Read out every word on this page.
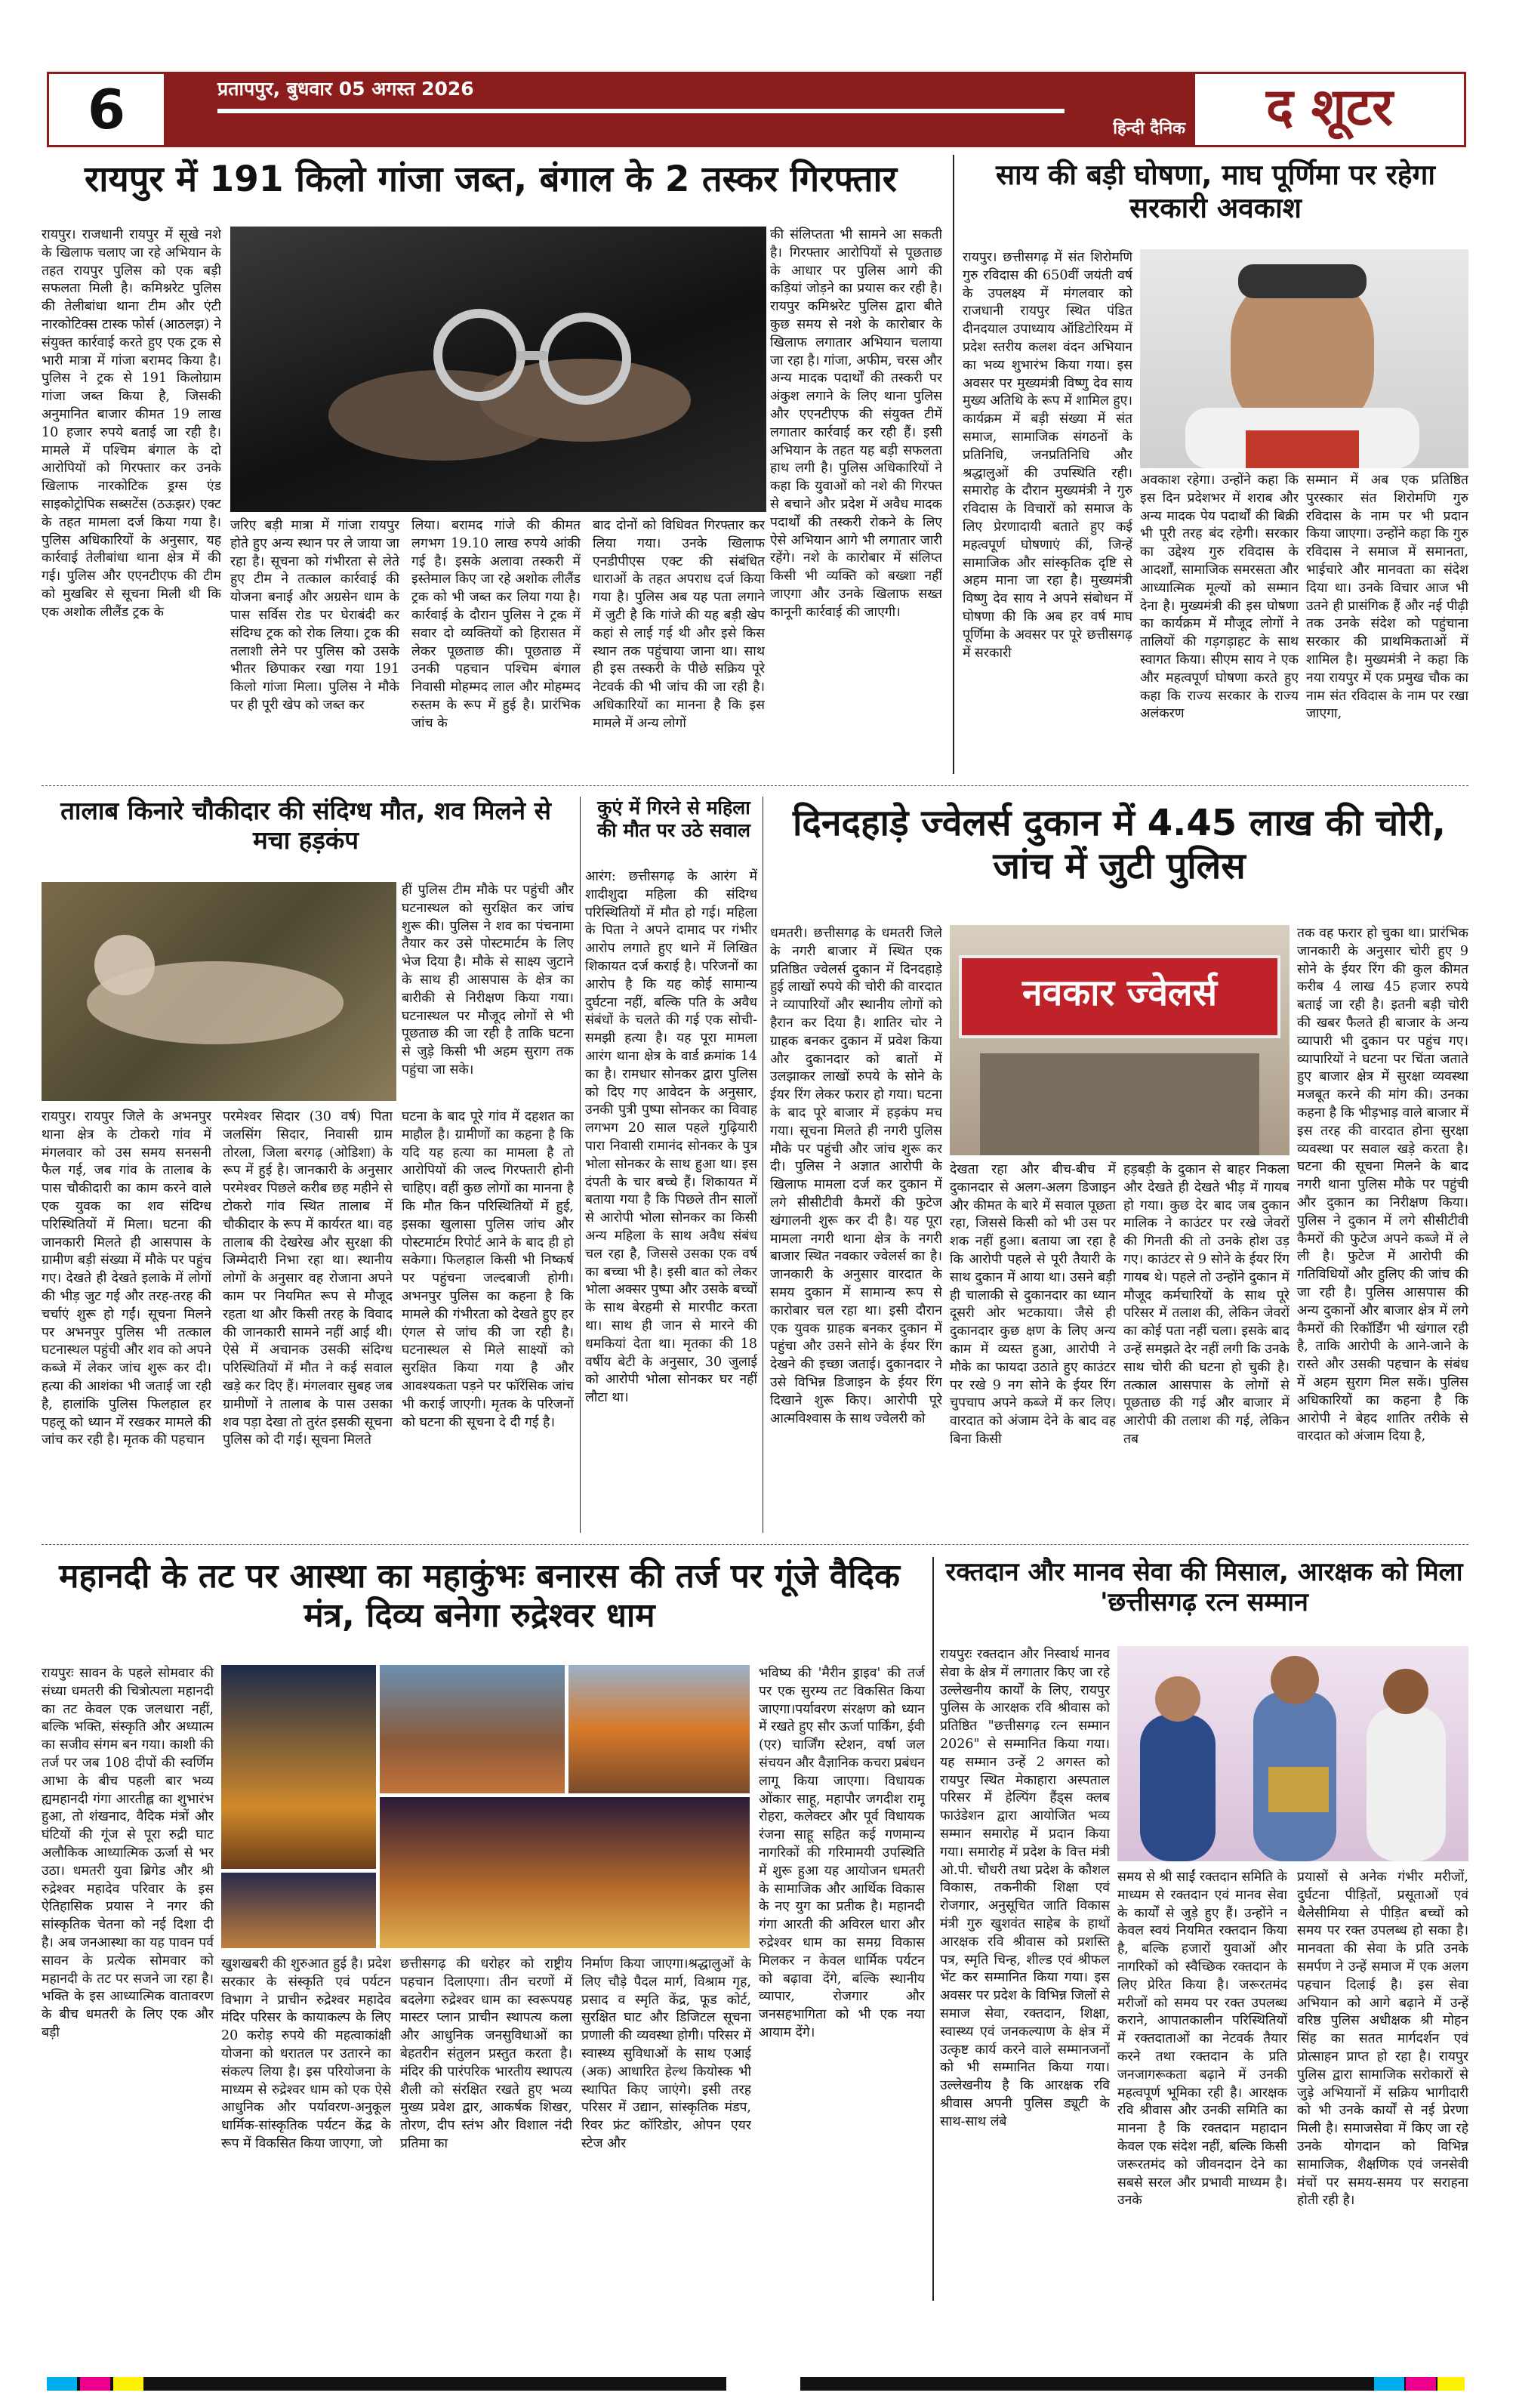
6	प्रतापपुर, बुधवार 05 अगस्त 2026
हिन्दी दैनिक	द शूटर
रायपुर में 191 किलो गांजा जब्त, बंगाल के 2 तस्कर गिरफ्तार
रायपुर। राजधानी रायपुर में सूखे नशे के खिलाफ चलाए जा रहे अभियान के तहत रायपुर पुलिस को एक बड़ी सफलता मिली है। कमिश्नरेट पुलिस की तेलीबांधा थाना टीम और एंटी नारकोटिक्स टास्क फोर्स (आठलझ) ने संयुक्त कार्रवाई करते हुए एक ट्रक से भारी मात्रा में गांजा बरामद किया है। पुलिस ने ट्रक से 191 किलोग्राम गांजा जब्त किया है, जिसकी अनुमानित बाजार कीमत 19 लाख 10 हजार रुपये बताई जा रही है। मामले में पश्चिम बंगाल के दो आरोपियों को गिरफ्तार कर उनके खिलाफ नारकोटिक ड्रग्स एंड साइकोट्रोपिक सब्सटेंस (ठऊझर) एक्ट के तहत मामला दर्ज किया गया है। पुलिस अधिकारियों के अनुसार, यह कार्रवाई तेलीबांधा थाना क्षेत्र में की गई। पुलिस और एएनटीएफ की टीम को मुखबिर से सूचना मिली थी कि एक अशोक लीलैंड ट्रक के
जरिए बड़ी मात्रा में गांजा रायपुर होते हुए अन्य स्थान पर ले जाया जा रहा है। सूचना को गंभीरता से लेते हुए टीम ने तत्काल कार्रवाई की योजना बनाई और अग्रसेन धाम के पास सर्विस रोड पर घेराबंदी कर संदिग्ध ट्रक को रोक लिया। ट्रक की तलाशी लेने पर पुलिस को उसके भीतर छिपाकर रखा गया 191 किलो गांजा मिला। पुलिस ने मौके पर ही पूरी खेप को जब्त कर
लिया। बरामद गांजे की कीमत लगभग 19.10 लाख रुपये आंकी गई है। इसके अलावा तस्करी में इस्तेमाल किए जा रहे अशोक लीलैंड ट्रक को भी जब्त कर लिया गया है। कार्रवाई के दौरान पुलिस ने ट्रक में सवार दो व्यक्तियों को हिरासत में लेकर पूछताछ की। पूछताछ में उनकी पहचान पश्चिम बंगाल निवासी मोहम्मद लाल और मोहम्मद रुस्तम के रूप में हुई है। प्रारंभिक जांच के
बाद दोनों को विधिवत गिरफ्तार कर लिया गया। उनके खिलाफ एनडीपीएस एक्ट की संबंधित धाराओं के तहत अपराध दर्ज किया गया है। पुलिस अब यह पता लगाने में जुटी है कि गांजे की यह बड़ी खेप कहां से लाई गई थी और इसे किस स्थान तक पहुंचाया जाना था। साथ ही इस तस्करी के पीछे सक्रिय पूरे नेटवर्क की भी जांच की जा रही है। अधिकारियों का मानना है कि इस मामले में अन्य लोगों
की संलिप्तता भी सामने आ सकती है। गिरफ्तार आरोपियों से पूछताछ के आधार पर पुलिस आगे की कड़ियां जोड़ने का प्रयास कर रही है। रायपुर कमिश्नरेट पुलिस द्वारा बीते कुछ समय से नशे के कारोबार के खिलाफ लगातार अभियान चलाया जा रहा है। गांजा, अफीम, चरस और अन्य मादक पदार्थों की तस्करी पर अंकुश लगाने के लिए थाना पुलिस और एएनटीएफ की संयुक्त टीमें लगातार कार्रवाई कर रही हैं। इसी अभियान के तहत यह बड़ी सफलता हाथ लगी है। पुलिस अधिकारियों ने कहा कि युवाओं को नशे की गिरफ्त से बचाने और प्रदेश में अवैध मादक पदार्थों की तस्करी रोकने के लिए ऐसे अभियान आगे भी लगातार जारी रहेंगे। नशे के कारोबार में संलिप्त किसी भी व्यक्ति को बख्शा नहीं जाएगा और उनके खिलाफ सख्त कानूनी कार्रवाई की जाएगी।
साय की बड़ी घोषणा, माघ पूर्णिमा पर रहेगा सरकारी अवकाश
रायपुर। छत्तीसगढ़ में संत शिरोमणि गुरु रविदास की 650वीं जयंती वर्ष के उपलक्ष्य में मंगलवार को राजधानी रायपुर स्थित पंडित दीनदयाल उपाध्याय ऑडिटोरियम में प्रदेश स्तरीय कलश वंदन अभियान का भव्य शुभारंभ किया गया। इस अवसर पर मुख्यमंत्री विष्णु देव साय मुख्य अतिथि के रूप में शामिल हुए। कार्यक्रम में बड़ी संख्या में संत समाज, सामाजिक संगठनों के प्रतिनिधि, जनप्रतिनिधि और श्रद्धालुओं की उपस्थिति रही। समारोह के दौरान मुख्यमंत्री ने गुरु रविदास के विचारों को समाज के लिए प्रेरणादायी बताते हुए कई महत्वपूर्ण घोषणाएं कीं, जिन्हें सामाजिक और सांस्कृतिक दृष्टि से अहम माना जा रहा है। मुख्यमंत्री विष्णु देव साय ने अपने संबोधन में घोषणा की कि अब हर वर्ष माघ पूर्णिमा के अवसर पर पूरे छत्तीसगढ़ में सरकारी
अवकाश रहेगा। उन्होंने कहा कि इस दिन प्रदेशभर में शराब और अन्य मादक पेय पदार्थों की बिक्री भी पूरी तरह बंद रहेगी। सरकार का उद्देश्य गुरु रविदास के आदर्शों, सामाजिक समरसता और आध्यात्मिक मूल्यों को सम्मान देना है। मुख्यमंत्री की इस घोषणा का कार्यक्रम में मौजूद लोगों ने तालियों की गड़गड़ाहट के साथ स्वागत किया। सीएम साय ने एक और महत्वपूर्ण घोषणा करते हुए कहा कि राज्य सरकार के राज्य अलंकरण
सम्मान में अब एक प्रतिष्ठित पुरस्कार संत शिरोमणि गुरु रविदास के नाम पर भी प्रदान किया जाएगा। उन्होंने कहा कि गुरु रविदास ने समाज में समानता, भाईचारे और मानवता का संदेश दिया था। उनके विचार आज भी उतने ही प्रासंगिक हैं और नई पीढ़ी तक उनके संदेश को पहुंचाना सरकार की प्राथमिकताओं में शामिल है। मुख्यमंत्री ने कहा कि नया रायपुर में एक प्रमुख चौक का नाम संत रविदास के नाम पर रखा जाएगा,
तालाब किनारे चौकीदार की संदिग्ध मौत, शव मिलने से मचा हड़कंप
हीं पुलिस टीम मौके पर पहुंची और घटनास्थल को सुरक्षित कर जांच शुरू की। पुलिस ने शव का पंचनामा तैयार कर उसे पोस्टमार्टम के लिए भेज दिया है। मौके से साक्ष्य जुटाने के साथ ही आसपास के क्षेत्र का बारीकी से निरीक्षण किया गया। घटनास्थल पर मौजूद लोगों से भी पूछताछ की जा रही है ताकि घटना से जुड़े किसी भी अहम सुराग तक पहुंचा जा सके।
रायपुर। रायपुर जिले के अभनपुर थाना क्षेत्र के टोकरो गांव में मंगलवार को उस समय सनसनी फैल गई, जब गांव के तालाब के पास चौकीदारी का काम करने वाले एक युवक का शव संदिग्ध परिस्थितियों में मिला। घटना की जानकारी मिलते ही आसपास के ग्रामीण बड़ी संख्या में मौके पर पहुंच गए। देखते ही देखते इलाके में लोगों की भीड़ जुट गई और तरह-तरह की चर्चाएं शुरू हो गईं। सूचना मिलने पर अभनपुर पुलिस भी तत्काल घटनास्थल पहुंची और शव को अपने कब्जे में लेकर जांच शुरू कर दी। हत्या की आशंका भी जताई जा रही है, हालांकि पुलिस फिलहाल हर पहलू को ध्यान में रखकर मामले की जांच कर रही है। मृतक की पहचान
परमेश्वर सिदार (30 वर्ष) पिता जलसिंग सिदार, निवासी ग्राम तोरला, जिला बरगढ़ (ओडिशा) के रूप में हुई है। जानकारी के अनुसार परमेश्वर पिछले करीब छह महीने से टोकरो गांव स्थित तालाब में चौकीदार के रूप में कार्यरत था। वह तालाब की देखरेख और सुरक्षा की जिम्मेदारी निभा रहा था। स्थानीय लोगों के अनुसार वह रोजाना अपने काम पर नियमित रूप से मौजूद रहता था और किसी तरह के विवाद की जानकारी सामने नहीं आई थी। ऐसे में अचानक उसकी संदिग्ध परिस्थितियों में मौत ने कई सवाल खड़े कर दिए हैं। मंगलवार सुबह जब ग्रामीणों ने तालाब के पास उसका शव पड़ा देखा तो तुरंत इसकी सूचना पुलिस को दी गई। सूचना मिलते
घटना के बाद पूरे गांव में दहशत का माहौल है। ग्रामीणों का कहना है कि यदि यह हत्या का मामला है तो आरोपियों की जल्द गिरफ्तारी होनी चाहिए। वहीं कुछ लोगों का मानना है कि मौत किन परिस्थितियों में हुई, इसका खुलासा पुलिस जांच और पोस्टमार्टम रिपोर्ट आने के बाद ही हो सकेगा। फिलहाल किसी भी निष्कर्ष पर पहुंचना जल्दबाजी होगी। अभनपुर पुलिस का कहना है कि मामले की गंभीरता को देखते हुए हर एंगल से जांच की जा रही है। घटनास्थल से मिले साक्ष्यों को सुरक्षित किया गया है और आवश्यकता पड़ने पर फॉरेंसिक जांच भी कराई जाएगी। मृतक के परिजनों को घटना की सूचना दे दी गई है।
कुएं में गिरने से महिला की मौत पर उठे सवाल
आरंग: छत्तीसगढ़ के आरंग में शादीशुदा महिला की संदिग्ध परिस्थितियों में मौत हो गई। महिला के पिता ने अपने दामाद पर गंभीर आरोप लगाते हुए थाने में लिखित शिकायत दर्ज कराई है। परिजनों का आरोप है कि यह कोई सामान्य दुर्घटना नहीं, बल्कि पति के अवैध संबंधों के चलते की गई एक सोची-समझी हत्या है। यह पूरा मामला आरंग थाना क्षेत्र के वार्ड क्रमांक 14 का है। रामधार सोनकर द्वारा पुलिस को दिए गए आवेदन के अनुसार, उनकी पुत्री पुष्पा सोनकर का विवाह लगभग 20 साल पहले गुढ़ियारी पारा निवासी रामानंद सोनकर के पुत्र भोला सोनकर के साथ हुआ था। इस दंपती के चार बच्चे हैं। शिकायत में बताया गया है कि पिछले तीन सालों से आरोपी भोला सोनकर का किसी अन्य महिला के साथ अवैध संबंध चल रहा है, जिससे उसका एक वर्ष का बच्चा भी है। इसी बात को लेकर भोला अक्सर पुष्पा और उसके बच्चों के साथ बेरहमी से मारपीट करता था। साथ ही जान से मारने की धमकियां देता था। मृतका की 18 वर्षीय बेटी के अनुसार, 30 जुलाई को आरोपी भोला सोनकर घर नहीं लौटा था।
दिनदहाड़े ज्वेलर्स दुकान में 4.45 लाख की चोरी, जांच में जुटी पुलिस
धमतरी। छत्तीसगढ़ के धमतरी जिले के नगरी बाजार में स्थित एक प्रतिष्ठित ज्वेलर्स दुकान में दिनदहाड़े हुई लाखों रुपये की चोरी की वारदात ने व्यापारियों और स्थानीय लोगों को हैरान कर दिया है। शातिर चोर ने ग्राहक बनकर दुकान में प्रवेश किया और दुकानदार को बातों में उलझाकर लाखों रुपये के सोने के ईयर रिंग लेकर फरार हो गया। घटना के बाद पूरे बाजार में हड़कंप मच गया। सूचना मिलते ही नगरी पुलिस मौके पर पहुंची और जांच शुरू कर दी। पुलिस ने अज्ञात आरोपी के खिलाफ मामला दर्ज कर दुकान में लगे सीसीटीवी कैमरों की फुटेज खंगालनी शुरू कर दी है। यह पूरा मामला नगरी थाना क्षेत्र के नगरी बाजार स्थित नवकार ज्वेलर्स का है। जानकारी के अनुसार वारदात के समय दुकान में सामान्य रूप से कारोबार चल रहा था। इसी दौरान एक युवक ग्राहक बनकर दुकान में पहुंचा और उसने सोने के ईयर रिंग देखने की इच्छा जताई। दुकानदार ने उसे विभिन्न डिजाइन के ईयर रिंग दिखाने शुरू किए। आरोपी पूरे आत्मविश्वास के साथ ज्वेलरी को
नवकार ज्वेलर्स
देखता रहा और बीच-बीच में दुकानदार से अलग-अलग डिजाइन और कीमत के बारे में सवाल पूछता रहा, जिससे किसी को भी उस पर शक नहीं हुआ। बताया जा रहा है कि आरोपी पहले से पूरी तैयारी के साथ दुकान में आया था। उसने बड़ी ही चालाकी से दुकानदार का ध्यान दूसरी ओर भटकाया। जैसे ही दुकानदार कुछ क्षण के लिए अन्य काम में व्यस्त हुआ, आरोपी ने मौके का फायदा उठाते हुए काउंटर पर रखे 9 नग सोने के ईयर रिंग चुपचाप अपने कब्जे में कर लिए। वारदात को अंजाम देने के बाद वह बिना किसी
हड़बड़ी के दुकान से बाहर निकला और देखते ही देखते भीड़ में गायब हो गया। कुछ देर बाद जब दुकान मालिक ने काउंटर पर रखे जेवरों की गिनती की तो उनके होश उड़ गए। काउंटर से 9 सोने के ईयर रिंग गायब थे। पहले तो उन्होंने दुकान में मौजूद कर्मचारियों के साथ पूरे परिसर में तलाश की, लेकिन जेवरों का कोई पता नहीं चला। इसके बाद उन्हें समझते देर नहीं लगी कि उनके साथ चोरी की घटना हो चुकी है। तत्काल आसपास के लोगों से पूछताछ की गई और बाजार में आरोपी की तलाश की गई, लेकिन तब
तक वह फरार हो चुका था। प्रारंभिक जानकारी के अनुसार चोरी हुए 9 सोने के ईयर रिंग की कुल कीमत करीब 4 लाख 45 हजार रुपये बताई जा रही है। इतनी बड़ी चोरी की खबर फैलते ही बाजार के अन्य व्यापारी भी दुकान पर पहुंच गए। व्यापारियों ने घटना पर चिंता जताते हुए बाजार क्षेत्र में सुरक्षा व्यवस्था मजबूत करने की मांग की। उनका कहना है कि भीड़भाड़ वाले बाजार में इस तरह की वारदात होना सुरक्षा व्यवस्था पर सवाल खड़े करता है। घटना की सूचना मिलने के बाद नगरी थाना पुलिस मौके पर पहुंची और दुकान का निरीक्षण किया। पुलिस ने दुकान में लगे सीसीटीवी कैमरों की फुटेज अपने कब्जे में ले ली है। फुटेज में आरोपी की गतिविधियों और हुलिए की जांच की जा रही है। पुलिस आसपास की अन्य दुकानों और बाजार क्षेत्र में लगे कैमरों की रिकॉर्डिंग भी खंगाल रही है, ताकि आरोपी के आने-जाने के रास्ते और उसकी पहचान के संबंध में अहम सुराग मिल सकें। पुलिस अधिकारियों का कहना है कि आरोपी ने बेहद शातिर तरीके से वारदात को अंजाम दिया है,
महानदी के तट पर आस्था का महाकुंभः बनारस की तर्ज पर गूंजे वैदिक मंत्र, दिव्य बनेगा रुद्रेश्वर धाम
रायपुरः सावन के पहले सोमवार की संध्या धमतरी की चित्रोत्पला महानदी का तट केवल एक जलधारा नहीं, बल्कि भक्ति, संस्कृति और अध्यात्म का सजीव संगम बन गया। काशी की तर्ज पर जब 108 दीपों की स्वर्णिम आभा के बीच पहली बार भव्य ह्यमहानदी गंगा आरतीह्ल का शुभारंभ हुआ, तो शंखनाद, वैदिक मंत्रों और घंटियों की गूंज से पूरा रुद्री घाट अलौकिक आध्यात्मिक ऊर्जा से भर उठा। धमतरी युवा ब्रिगेड और श्री रुद्रेश्वर महादेव परिवार के इस ऐतिहासिक प्रयास ने नगर की सांस्कृतिक चेतना को नई दिशा दी है। अब जनआस्था का यह पावन पर्व सावन के प्रत्येक सोमवार को महानदी के तट पर सजने जा रहा है। भक्ति के इस आध्यात्मिक वातावरण के बीच धमतरी के लिए एक और बड़ी
खुशखबरी की शुरुआत हुई है। प्रदेश सरकार के संस्कृति एवं पर्यटन विभाग ने प्राचीन रुद्रेश्वर महादेव मंदिर परिसर के कायाकल्प के लिए 20 करोड़ रुपये की महत्वाकांक्षी योजना को धरातल पर उतारने का संकल्प लिया है। इस परियोजना के माध्यम से रुद्रेश्वर धाम को एक ऐसे आधुनिक और पर्यावरण-अनुकूल धार्मिक-सांस्कृतिक पर्यटन केंद्र के रूप में विकसित किया जाएगा, जो
छत्तीसगढ़ की धरोहर को राष्ट्रीय पहचान दिलाएगा। तीन चरणों में बदलेगा रुद्रेश्वर धाम का स्वरूपयह मास्टर प्लान प्राचीन स्थापत्य कला और आधुनिक जनसुविधाओं का बेहतरीन संतुलन प्रस्तुत करता है। मंदिर की पारंपरिक भारतीय स्थापत्य शैली को संरक्षित रखते हुए भव्य मुख्य प्रवेश द्वार, आकर्षक शिखर, तोरण, दीप स्तंभ और विशाल नंदी प्रतिमा का
निर्माण किया जाएगा।श्रद्धालुओं के लिए चौड़े पैदल मार्ग, विश्राम गृह, प्रसाद व स्मृति केंद्र, फूड कोर्ट, सुरक्षित घाट और डिजिटल सूचना प्रणाली की व्यवस्था होगी। परिसर में स्वास्थ्य सुविधाओं के साथ एआई (अक) आधारित हेल्थ कियोस्क भी स्थापित किए जाएंगे। इसी तरह परिसर में उद्यान, सांस्कृतिक मंडप, रिवर फ्रंट कॉरिडोर, ओपन एयर स्टेज और
भविष्य की 'मैरीन ड्राइव' की तर्ज पर एक सुरम्य तट विकसित किया जाएगा।पर्यावरण संरक्षण को ध्यान में रखते हुए सौर ऊर्जा पार्किंग, ईवी (एर) चार्जिंग स्टेशन, वर्षा जल संचयन और वैज्ञानिक कचरा प्रबंधन लागू किया जाएगा। विधायक ओंकार साहू, महापौर जगदीश रामू रोहरा, कलेक्टर और पूर्व विधायक रंजना साहू सहित कई गणमान्य नागरिकों की गरिमामयी उपस्थिति में शुरू हुआ यह आयोजन धमतरी के सामाजिक और आर्थिक विकास के नए युग का प्रतीक है। महानदी गंगा आरती की अविरल धारा और रुद्रेश्वर धाम का समग्र विकास मिलकर न केवल धार्मिक पर्यटन को बढ़ावा देंगे, बल्कि स्थानीय व्यापार, रोजगार और जनसहभागिता को भी एक नया आयाम देंगे।
रक्तदान और मानव सेवा की मिसाल, आरक्षक को मिला 'छत्तीसगढ़ रत्न सम्मान
रायपुरः रक्तदान और निस्वार्थ मानव सेवा के क्षेत्र में लगातार किए जा रहे उल्लेखनीय कार्यों के लिए, रायपुर पुलिस के आरक्षक रवि श्रीवास को प्रतिष्ठित "छत्तीसगढ़ रत्न सम्मान 2026" से सम्मानित किया गया। यह सम्मान उन्हें 2 अगस्त को रायपुर स्थित मेकाहारा अस्पताल परिसर में हेल्पिंग हैंड्स क्लब फाउंडेशन द्वारा आयोजित भव्य सम्मान समारोह में प्रदान किया गया। समारोह में प्रदेश के वित्त मंत्री ओ.पी. चौधरी तथा प्रदेश के कौशल विकास, तकनीकी शिक्षा एवं रोजगार, अनुसूचित जाति विकास मंत्री गुरु खुशवंत साहेब के हाथों आरक्षक रवि श्रीवास को प्रशस्ति पत्र, स्मृति चिन्ह, शील्ड एवं श्रीफल भेंट कर सम्मानित किया गया। इस अवसर पर प्रदेश के विभिन्न जिलों से समाज सेवा, रक्तदान, शिक्षा, स्वास्थ्य एवं जनकल्याण के क्षेत्र में उत्कृष्ट कार्य करने वाले सम्मानजनों को भी सम्मानित किया गया। उल्लेखनीय है कि आरक्षक रवि श्रीवास अपनी पुलिस ड्यूटी के साथ-साथ लंबे
समय से श्री साईं रक्तदान समिति के माध्यम से रक्तदान एवं मानव सेवा के कार्यों से जुड़े हुए हैं। उन्होंने न केवल स्वयं नियमित रक्तदान किया है, बल्कि हजारों युवाओं और नागरिकों को स्वैच्छिक रक्तदान के लिए प्रेरित किया है। जरूरतमंद मरीजों को समय पर रक्त उपलब्ध कराने, आपातकालीन परिस्थितियों में रक्तदाताओं का नेटवर्क तैयार करने तथा रक्तदान के प्रति जनजागरूकता बढ़ाने में उनकी महत्वपूर्ण भूमिका रही है। आरक्षक रवि श्रीवास और उनकी समिति का मानना है कि रक्तदान महादान केवल एक संदेश नहीं, बल्कि किसी जरूरतमंद को जीवनदान देने का सबसे सरल और प्रभावी माध्यम है। उनके
प्रयासों से अनेक गंभीर मरीजों, दुर्घटना पीड़ितों, प्रसूताओं एवं थैलेसीमिया से पीड़ित बच्चों को समय पर रक्त उपलब्ध हो सका है। मानवता की सेवा के प्रति उनके समर्पण ने उन्हें समाज में एक अलग पहचान दिलाई है। इस सेवा अभियान को आगे बढ़ाने में उन्हें वरिष्ठ पुलिस अधीक्षक श्री मोहन सिंह का सतत मार्गदर्शन एवं प्रोत्साहन प्राप्त हो रहा है। रायपुर पुलिस द्वारा सामाजिक सरोकारों से जुड़े अभियानों में सक्रिय भागीदारी को भी उनके कार्यों से नई प्रेरणा मिली है। समाजसेवा में किए जा रहे उनके योगदान को विभिन्न सामाजिक, शैक्षणिक एवं जनसेवी मंचों पर समय-समय पर सराहना होती रही है।
